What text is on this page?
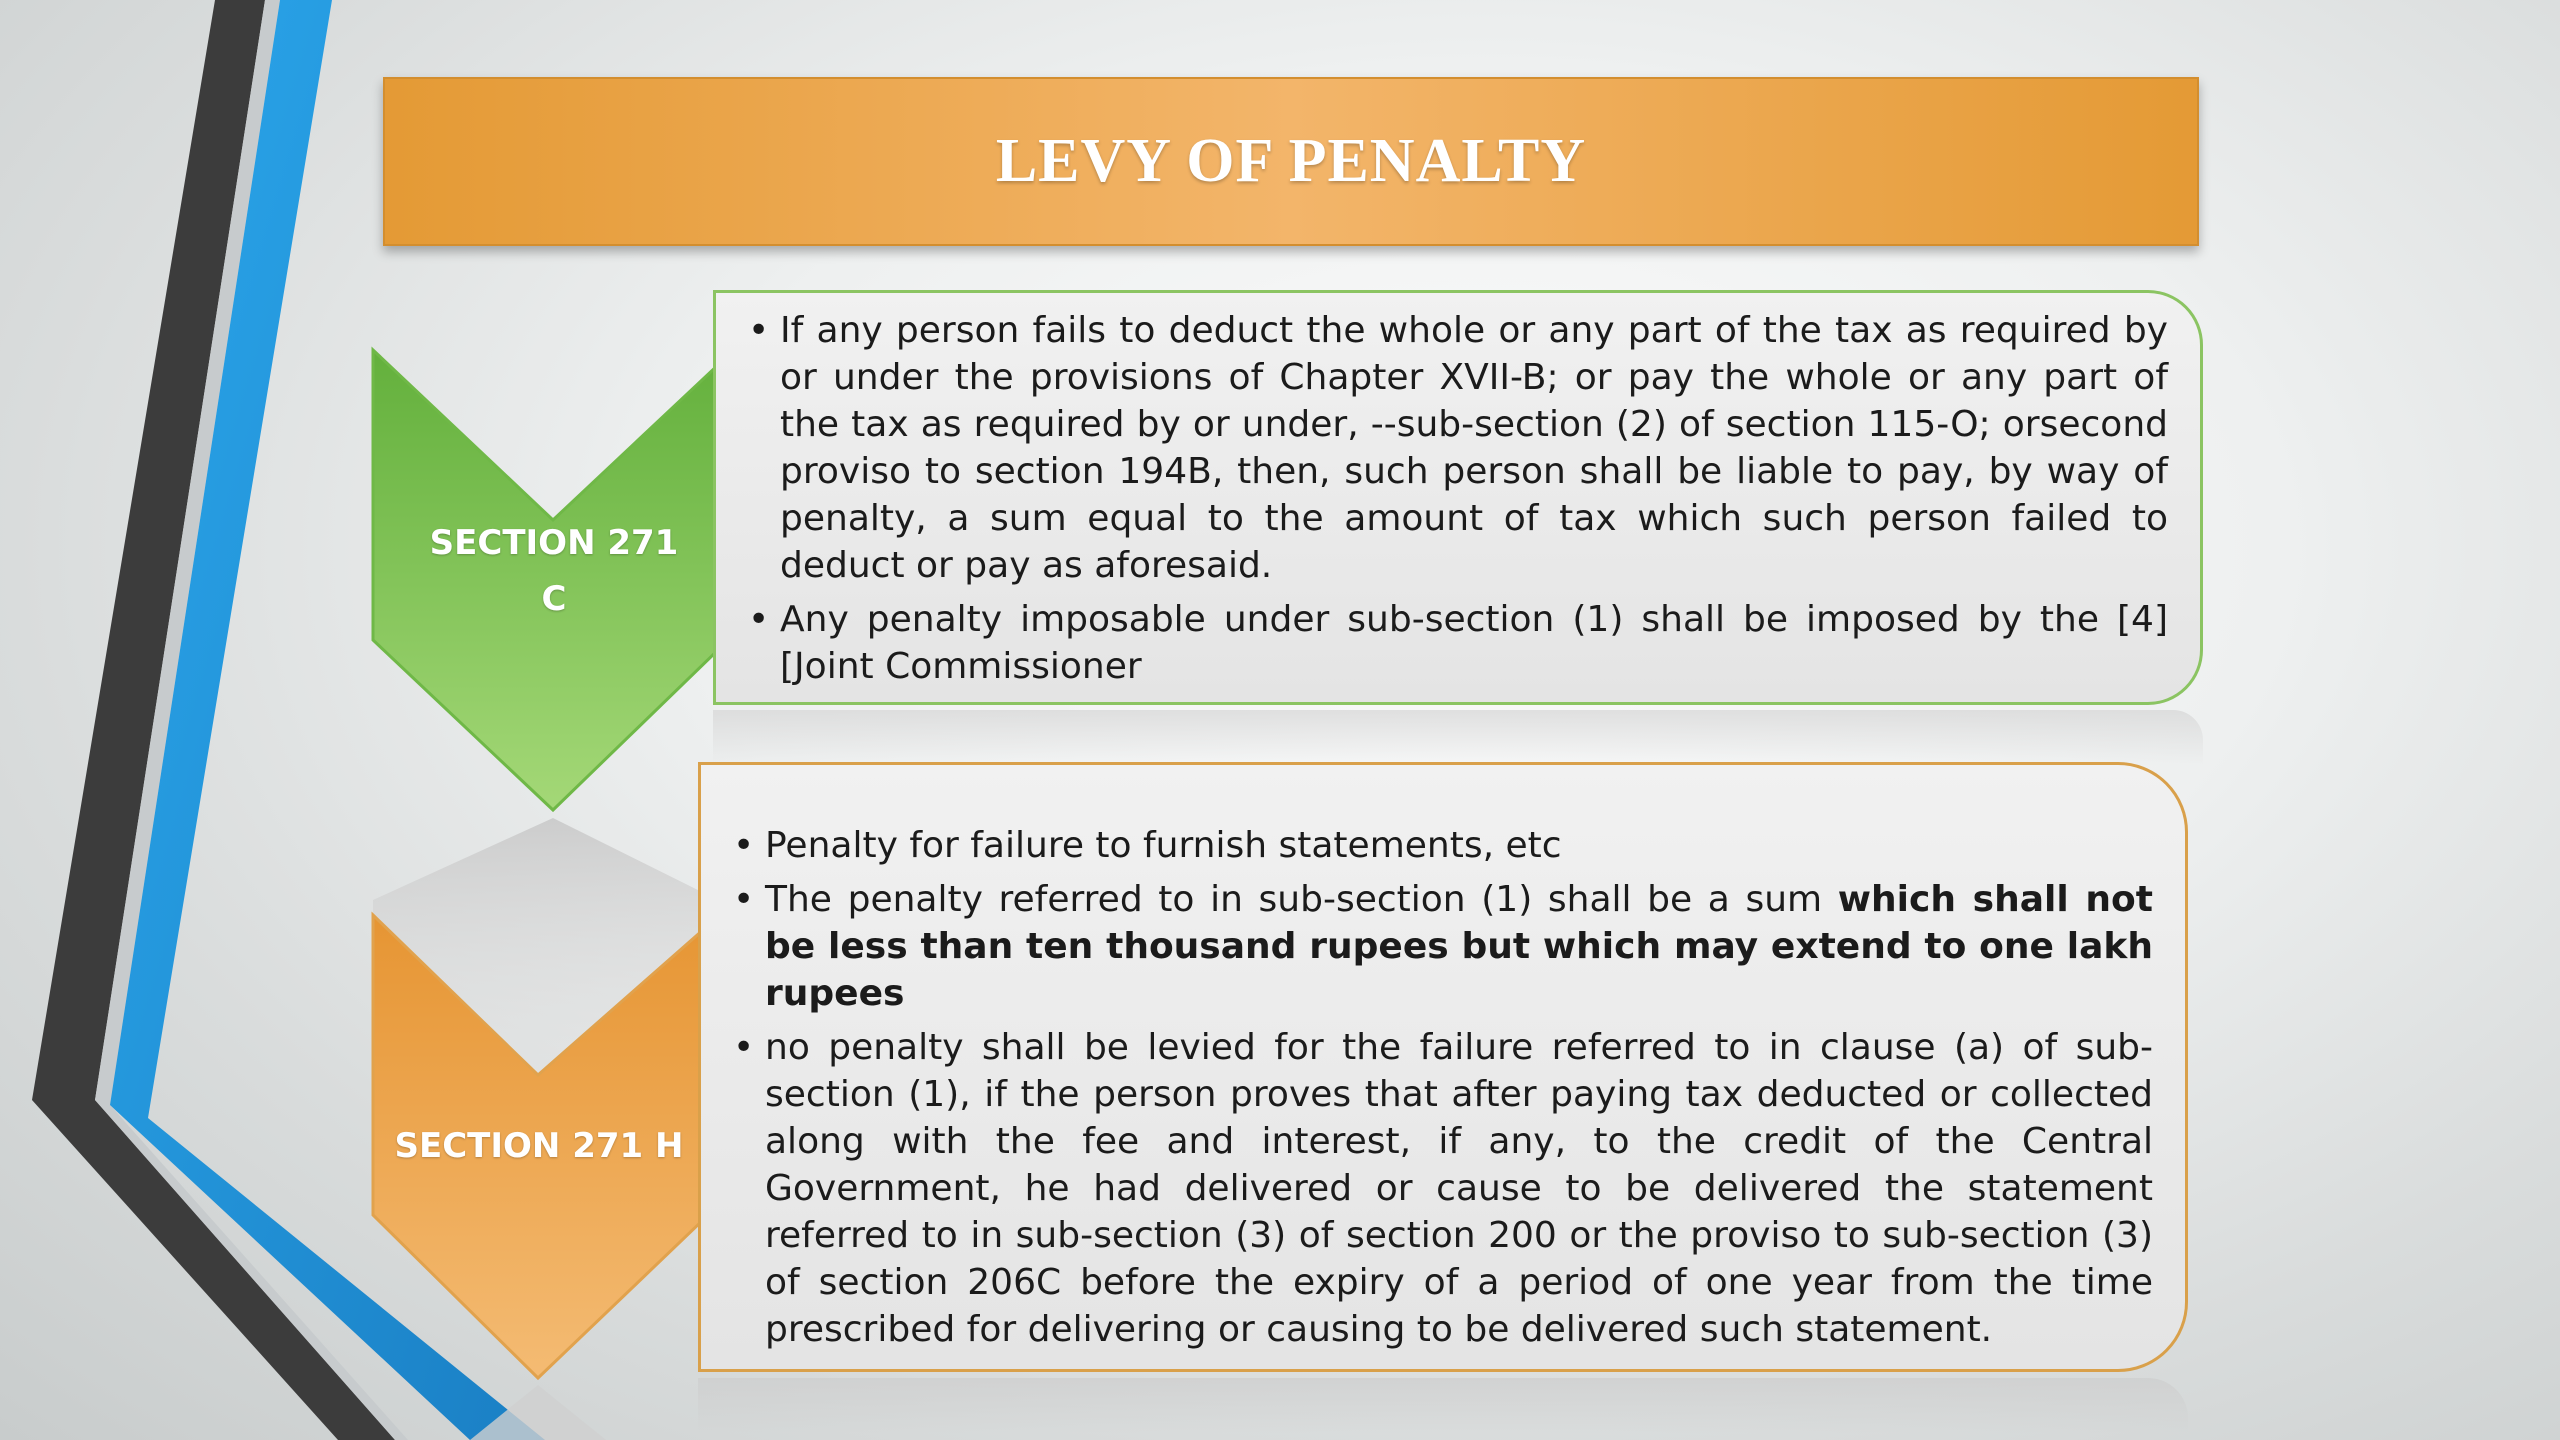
LEVY OF PENALTY
SECTION 271
C
• If any person fails to deduct the whole or any part of the tax as required by or under the provisions of Chapter XVII-B; or pay the whole or any part of the tax as required by or under, --sub-section (2) of section 115-O; orsecond proviso to section 194B, then, such person shall be liable to pay, by way of penalty, a sum equal to the amount of tax which such person failed to deduct or pay as aforesaid.
• Any penalty imposable under sub-section (1) shall be imposed by the [4][Joint Commissioner
SECTION 271 H
• Penalty for failure to furnish statements, etc
• The penalty referred to in sub-section (1) shall be a sum which shall not be less than ten thousand rupees but which may extend to one lakh rupees
• no penalty shall be levied for the failure referred to in clause (a) of sub-section (1), if the person proves that after paying tax deducted or collected along with the fee and interest, if any, to the credit of the Central Government, he had delivered or cause to be delivered the statement referred to in sub-section (3) of section 200 or the proviso to sub-section (3) of section 206C before the expiry of a period of one year from the time prescribed for delivering or causing to be delivered such statement.
